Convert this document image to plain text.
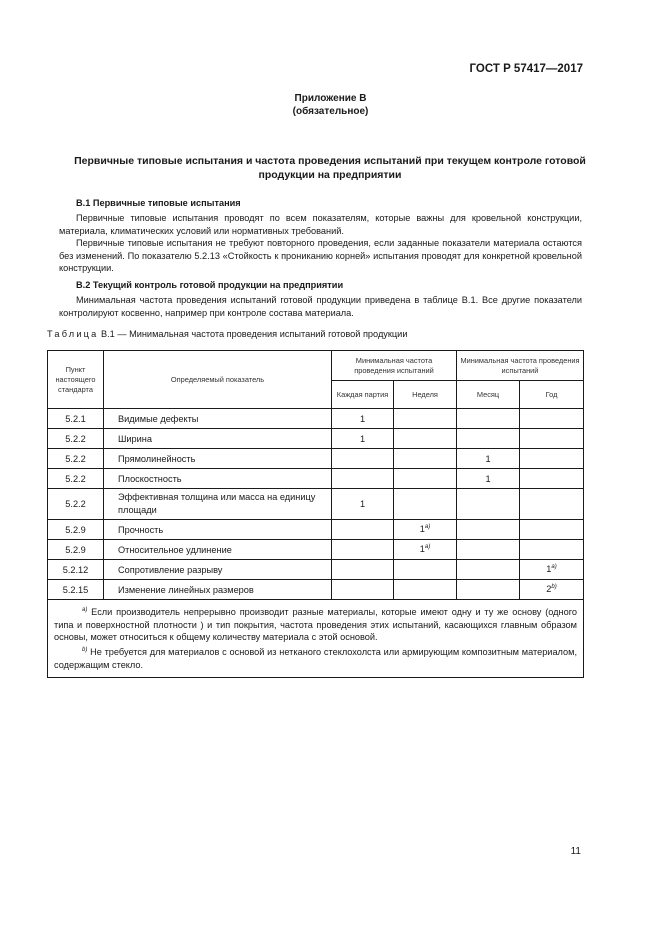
ГОСТ Р 57417—2017
Приложение В
(обязательное)
Первичные типовые испытания и частота проведения испытаний при текущем контроле готовой продукции на предприятии
В.1 Первичные типовые испытания

Первичные типовые испытания проводят по всем показателям, которые важны для кровельной конструкции, материала, климатических условий или нормативных требований.

Первичные типовые испытания не требуют повторного проведения, если заданные показатели материала остаются без изменений. По показателю 5.2.13 «Стойкость к прониканию корней» испытания проводят для конкретной кровельной конструкции.

В.2 Текущий контроль готовой продукции на предприятии

Минимальная частота проведения испытаний готовой продукции приведена в таблице В.1. Все другие показатели контролируют косвенно, например при контроле состава материала.

Таблица В.1 — Минимальная частота проведения испытаний готовой продукции
Пункт настоящего стандарта	Определяемый показатель	Минимальная частота проведения испытаний		Минимальная частота проведения испытаний	
		Каждая партия	Неделя	Месяц	Год
5.2.1	Видимые дефекты	1			
5.2.2	Ширина	1			
5.2.2	Прямолинейность			1	
5.2.2	Плоскостность			1	
5.2.2	Эффективная толщина или масса на единицу площади	1			
5.2.9	Прочность		1$^{a)}$		
5.2.9	Относительное удлинение		1$^{a)}$		
5.2.12	Сопротивление разрыву				1$^{a)}$
5.2.15	Изменение линейных размеров				2$^{b)}$

$^{a)}$ Если производитель непрерывно производит разные материалы, которые имеют одну и ту же основу (одного типа и поверхностной плотности ) и тип покрытия, частота проведения этих испытаний, касающихся главным образом основы, может относиться к общему количеству материала с этой основой.

$^{b)}$ Не требуется для материалов с основой из нетканого стеклохолста или армирующим композитным материалом, содержащим стекло.					

11
